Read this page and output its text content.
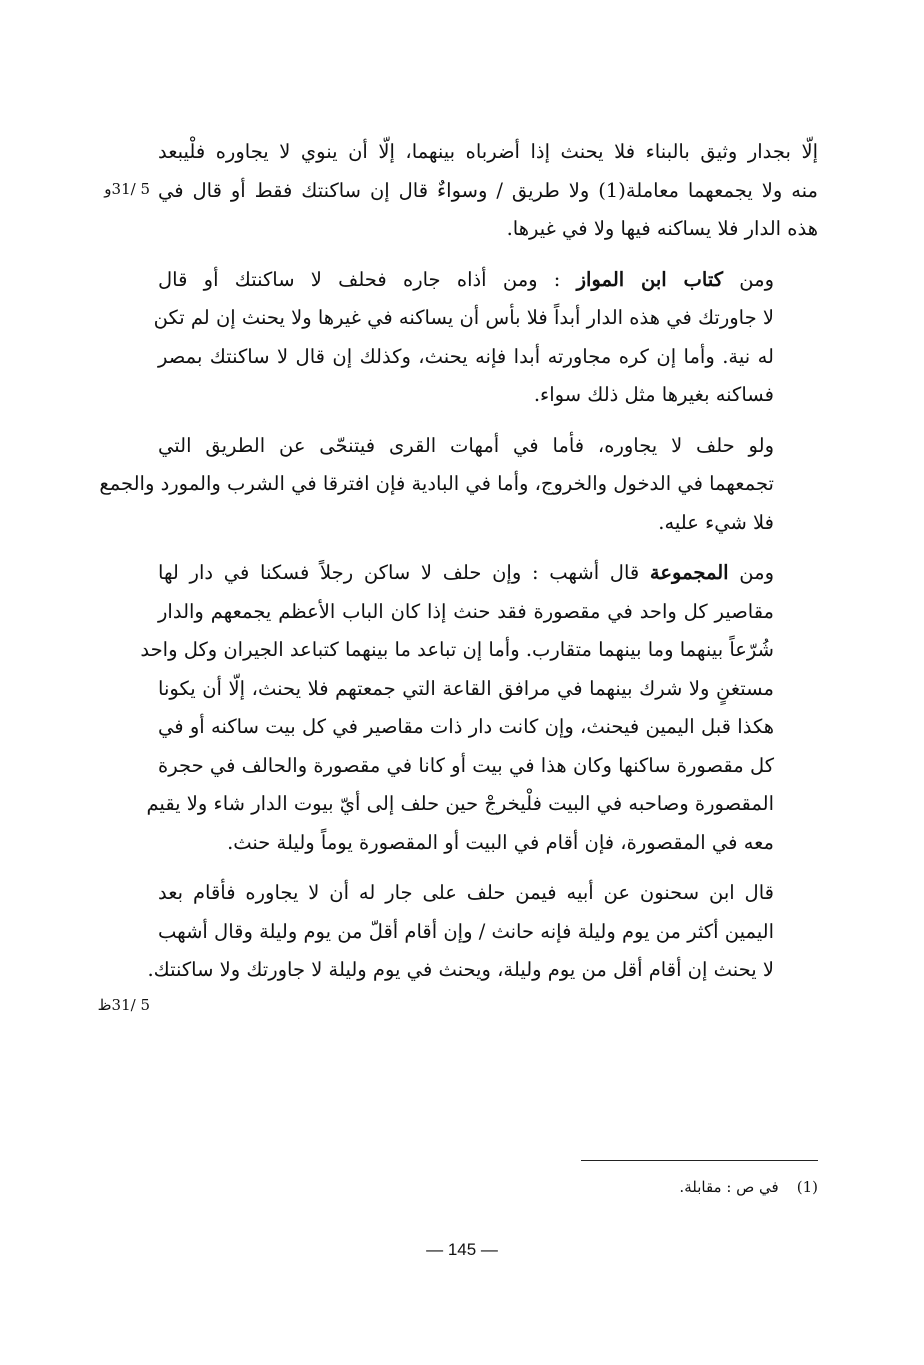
إلّا بجدار وثيق بالبناء فلا يحنث إذا أضرباه بينهما، إلّا أن ينوي لا يجاوره فلْيبعد
منه ولا يجمعهما معاملة(1) ولا طريق / وسواءٌ قال إن ساكنتك فقط أو قال في
هذه الدار فلا يساكنه فيها ولا في غيرها.

ومن كتاب ابن المواز : ومن أذاه جاره فحلف لا ساكنتك أو قال
لا جاورتك في هذه الدار أبداً فلا بأس أن يساكنه في غيرها ولا يحنث إن لم تكن
له نية. وأما إن كره مجاورته أبدا فإنه يحنث، وكذلك إن قال لا ساكنتك بمصر
فساكنه بغيرها مثل ذلك سواء.

ولو حلف لا يجاوره، فأما في أمهات القرى فيتنحّى عن الطريق التي
تجمعهما في الدخول والخروج، وأما في البادية فإن افترقا في الشرب والمورد والجمع
فلا شيء عليه.

ومن المجموعة قال أشهب : وإن حلف لا ساكن رجلاً فسكنا في دار لها
مقاصير كل واحد في مقصورة فقد حنث إذا كان الباب الأعظم يجمعهم والدار
شُرّعاً بينهما وما بينهما متقارب. وأما إن تباعد ما بينهما كتباعد الجيران وكل واحد
مستغنٍ ولا شرك بينهما في مرافق القاعة التي جمعتهم فلا يحنث، إلّا أن يكونا
هكذا قبل اليمين فيحنث، وإن كانت دار ذات مقاصير في كل بيت ساكنه أو في
كل مقصورة ساكنها وكان هذا في بيت أو كانا في مقصورة والحالف في حجرة
المقصورة وصاحبه في البيت فلْيخرجْ حين حلف إلى أيّ بيوت الدار شاء ولا يقيم
معه في المقصورة، فإن أقام في البيت أو المقصورة يوماً وليلة حنث.

قال ابن سحنون عن أبيه فيمن حلف على جار له أن لا يجاوره فأقام بعد
اليمين أكثر من يوم وليلة فإنه حانث / وإن أقام أقلّ من يوم وليلة وقال أشهب
لا يحنث إن أقام أقل من يوم وليلة، ويحنث في يوم وليلة لا جاورتك ولا ساكنتك.

5 /31و
5 /31ظ
(1)في ص : مقابلة.
— 145 —
